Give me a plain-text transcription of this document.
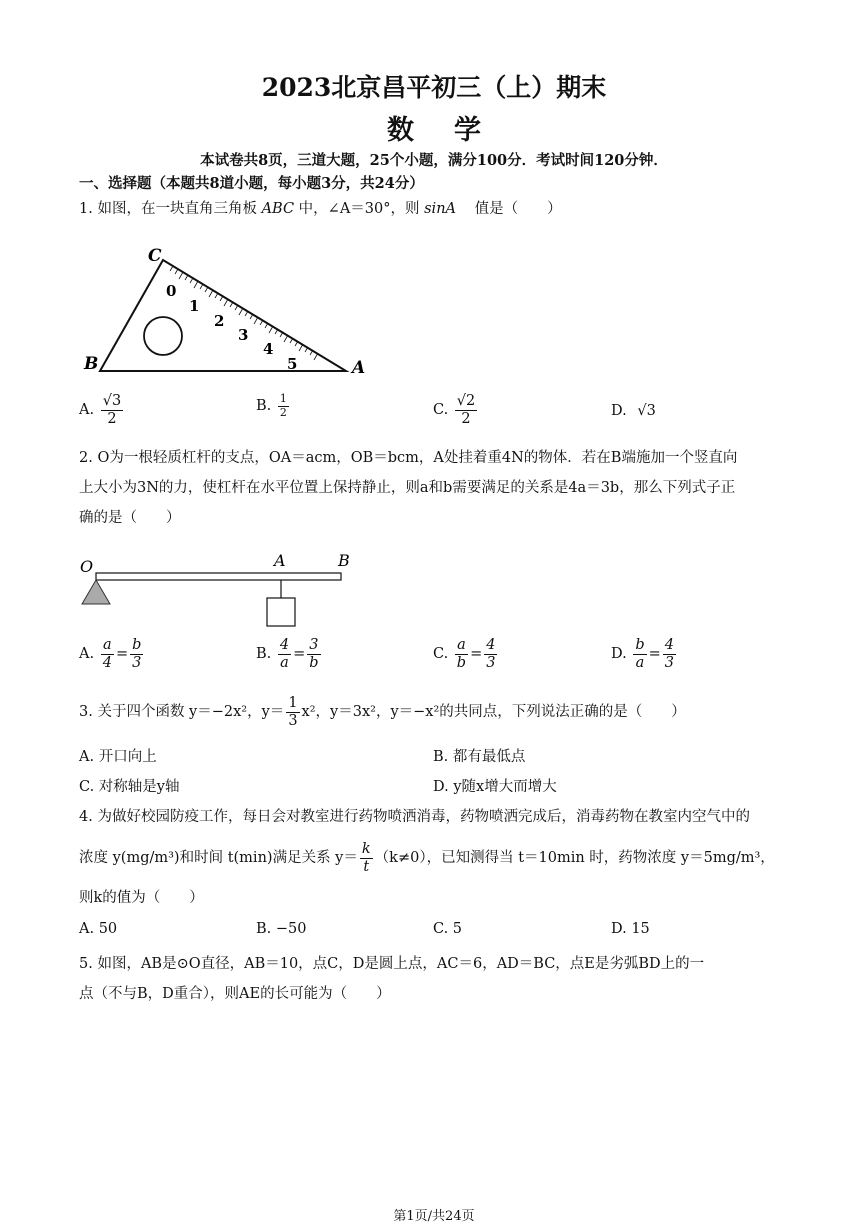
2023北京昌平初三（上）期末
数学
本试卷共8页，三道大题，25个小题，满分100分．考试时间120分钟．
一、选择题（本题共8道小题，每小题3分，共24分）
1. 如图，在一块直角三角板 ABC 中，∠A＝30°，则 sinA 值是（　　）
C
B	A
0
1
2
3
4
5
A. $\frac{√3}{2}$	B. $\frac{1}{2}$	C. $\frac{√2}{2}$	D. √3
2. O为一根轻质杠杆的支点，OA＝acm，OB＝bcm，A处挂着重4N的物体．若在B端施加一个竖直向
上大小为3N的力，使杠杆在水平位置上保持静止，则a和b需要满足的关系是4a＝3b，那么下列式子正
确的是（　　）
O	A	B
A. $\frac{a}{4} = \frac{b}{3}$	B. $\frac{4}{a} = \frac{3}{b}$	C. $\frac{a}{b} = \frac{4}{3}$	D. $\frac{b}{a} = \frac{4}{3}$
3. 关于四个函数 y＝−2x²，$y= \frac{1}{3} x^2$，y＝3x²，y＝−x²的共同点，下列说法正确的是（　　）
A. 开口向上	B. 都有最低点
C. 对称轴是y轴	D. y随x增大而增大
4. 为做好校园防疫工作，每日会对教室进行药物喷洒消毒，药物喷洒完成后，消毒药物在教室内空气中的
浓度 y(mg/m³)和时间 t(min)满足关系 $y= \frac{k}{t} (k\ne 0)$，已知测得当 t＝10min 时，药物浓度 y＝5mg/m³，
则k的值为（　　）
A. 50	B. −50	C. 5	D. 15
5. 如图，AB是⊙O直径，AB＝10，点C，D是圆上点，AC＝6，AD＝BC，点E是劣弧BD上的一
点（不与B，D重合），则AE的长可能为（　　）
第1页/共24页
